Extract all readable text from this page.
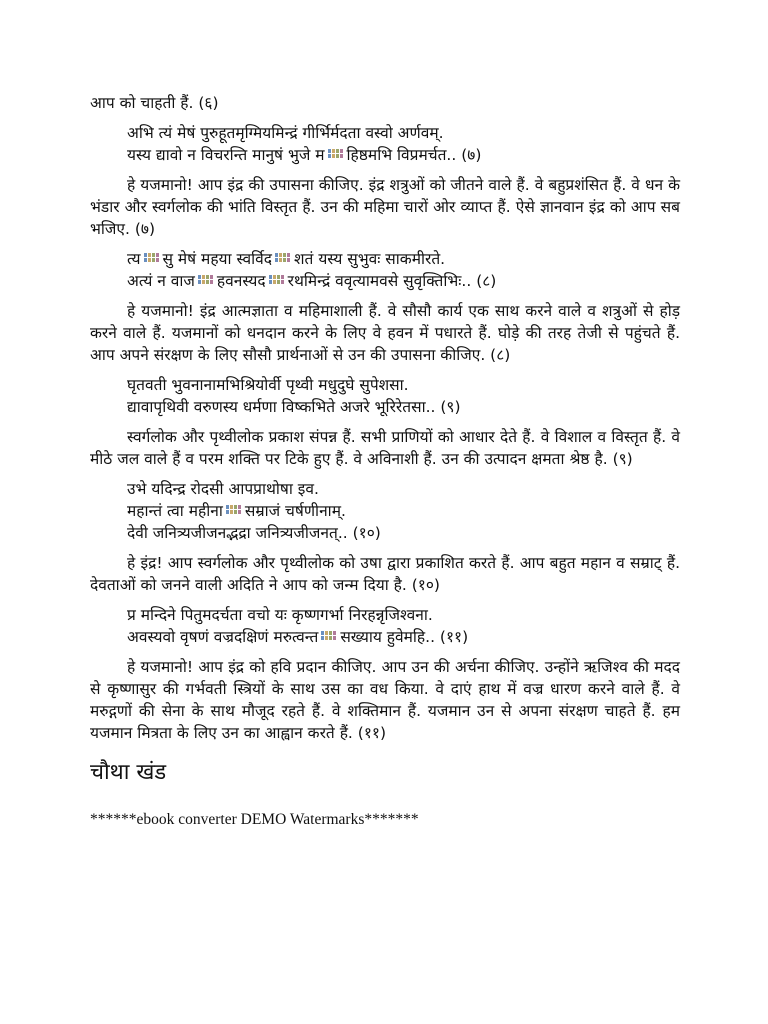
आप को चाहती हैं. (६)

अभि त्यं मेषं पुरुहूतमृग्मियमिन्द्रं गीर्भिर्मदता वस्वो अर्णवम्.
यस्य द्यावो न विचरन्ति मानुषं भुजे म हिष्ठमभि विप्रमर्चत.. (७)

हे यजमानो! आप इंद्र की उपासना कीजिए. इंद्र शत्रुओं को जीतने वाले हैं. वे बहुप्रशंसित हैं. वे धन के भंडार और स्वर्गलोक की भांति विस्तृत हैं. उन की महिमा चारों ओर व्याप्त हैं. ऐसे ज्ञानवान इंद्र को आप सब भजिए. (७)

त्य सु मेषं महया स्वर्विद शतं यस्य सुभुवः साकमीरते.
अत्यं न वाज हवनस्यद रथमिन्द्रं ववृत्यामवसे सुवृक्तिभिः.. (८)

हे यजमानो! इंद्र आत्मज्ञाता व महिमाशाली हैं. वे सौसौ कार्य एक साथ करने वाले व शत्रुओं से होड़ करने वाले हैं. यजमानों को धनदान करने के लिए वे हवन में पधारते हैं. घोड़े की तरह तेजी से पहुंचते हैं. आप अपने संरक्षण के लिए सौसौ प्रार्थनाओं से उन की उपासना कीजिए. (८)

घृतवती भुवनानामभिश्रियोर्वी पृथ्वी मधुदुघे सुपेशसा.
द्यावापृथिवी वरुणस्य धर्मणा विष्कभिते अजरे भूरिरेतसा.. (९)

स्वर्गलोक और पृथ्वीलोक प्रकाश संपन्न हैं. सभी प्राणियों को आधार देते हैं. वे विशाल व विस्तृत हैं. वे मीठे जल वाले हैं व परम शक्ति पर टिके हुए हैं. वे अविनाशी हैं. उन की उत्पादन क्षमता श्रेष्ठ है. (९)

उभे यदिन्द्र रोदसी आपप्राथोषा इव.
महान्तं त्वा महीना सम्राजं चर्षणीनाम्.
देवी जनित्र्यजीजनद्भद्रा जनित्र्यजीजनत्.. (१०)

हे इंद्र! आप स्वर्गलोक और पृथ्वीलोक को उषा द्वारा प्रकाशित करते हैं. आप बहुत महान व सम्राट् हैं. देवताओं को जनने वाली अदिति ने आप को जन्म दिया है. (१०)

प्र मन्दिने पितुमदर्चता वचो यः कृष्णगर्भा निरहन्नृजिश्वना.
अवस्यवो वृषणं वज्रदक्षिणं मरुत्वन्त सख्याय हुवेमहि.. (११)

हे यजमानो! आप इंद्र को हवि प्रदान कीजिए. आप उन की अर्चना कीजिए. उन्होंने ऋजिश्व की मदद से कृष्णासुर की गर्भवती स्त्रियों के साथ उस का वध किया. वे दाएं हाथ में वज्र धारण करने वाले हैं. वे मरुद्गणों की सेना के साथ मौजूद रहते हैं. वे शक्तिमान हैं. यजमान उन से अपना संरक्षण चाहते हैं. हम यजमान मित्रता के लिए उन का आह्वान करते हैं. (११)

चौथा खंड
******ebook converter DEMO Watermarks*******
